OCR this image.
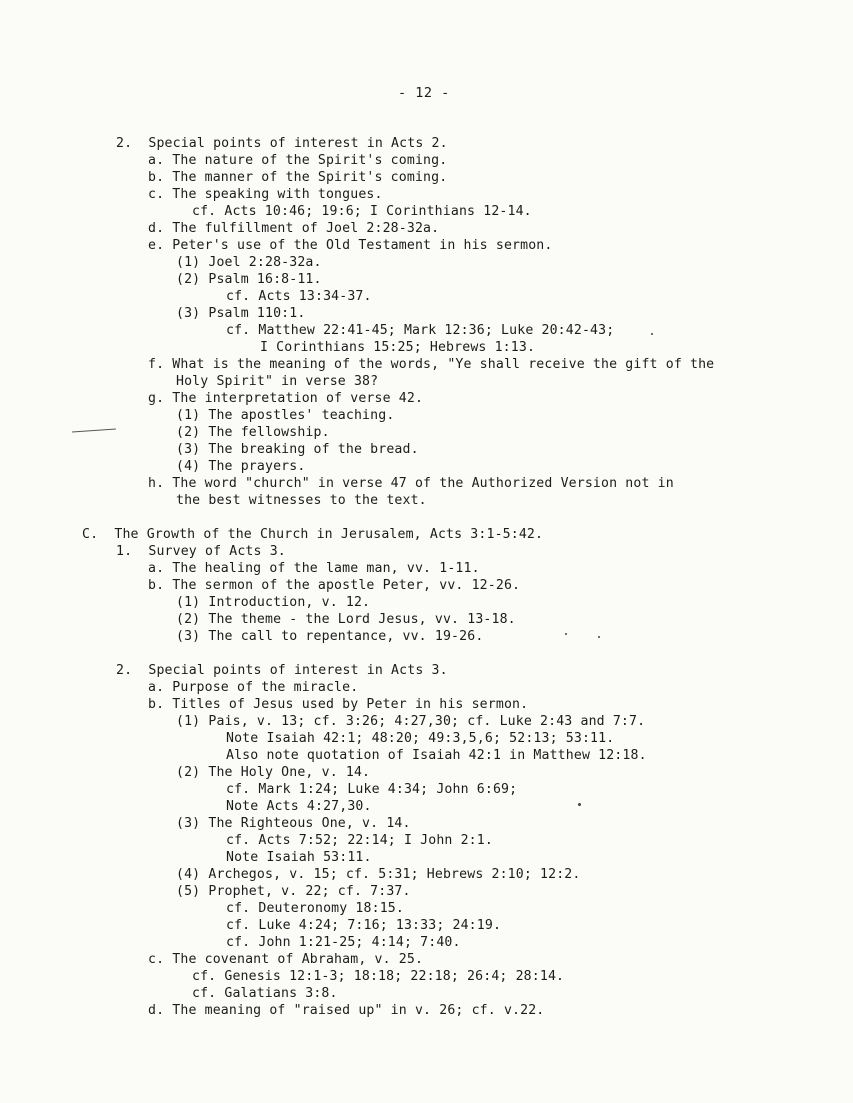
- 12 -
2.  Special points of interest in Acts 2.
a. The nature of the Spirit's coming.
b. The manner of the Spirit's coming.
c. The speaking with tongues.
cf. Acts 10:46; 19:6; I Corinthians 12-14.
d. The fulfillment of Joel 2:28-32a.
e. Peter's use of the Old Testament in his sermon.
(1) Joel 2:28-32a.
(2) Psalm 16:8-11.
cf. Acts 13:34-37.
(3) Psalm 110:1.
cf. Matthew 22:41-45; Mark 12:36; Luke 20:42-43;
I Corinthians 15:25; Hebrews 1:13.
f. What is the meaning of the words, "Ye shall receive the gift of the
Holy Spirit" in verse 38?
g. The interpretation of verse 42.
(1) The apostles' teaching.
(2) The fellowship.
(3) The breaking of the bread.
(4) The prayers.
h. The word "church" in verse 47 of the Authorized Version not in
the best witnesses to the text.
C.  The Growth of the Church in Jerusalem, Acts 3:1-5:42.
1.  Survey of Acts 3.
a. The healing of the lame man, vv. 1-11.
b. The sermon of the apostle Peter, vv. 12-26.
(1) Introduction, v. 12.
(2) The theme - the Lord Jesus, vv. 13-18.
(3) The call to repentance, vv. 19-26.
2.  Special points of interest in Acts 3.
a. Purpose of the miracle.
b. Titles of Jesus used by Peter in his sermon.
(1) Pais, v. 13; cf. 3:26; 4:27,30; cf. Luke 2:43 and 7:7.
Note Isaiah 42:1; 48:20; 49:3,5,6; 52:13; 53:11.
Also note quotation of Isaiah 42:1 in Matthew 12:18.
(2) The Holy One, v. 14.
cf. Mark 1:24; Luke 4:34; John 6:69;
Note Acts 4:27,30.
(3) The Righteous One, v. 14.
cf. Acts 7:52; 22:14; I John 2:1.
Note Isaiah 53:11.
(4) Archegos, v. 15; cf. 5:31; Hebrews 2:10; 12:2.
(5) Prophet, v. 22; cf. 7:37.
cf. Deuteronomy 18:15.
cf. Luke 4:24; 7:16; 13:33; 24:19.
cf. John 1:21-25; 4:14; 7:40.
c. The covenant of Abraham, v. 25.
cf. Genesis 12:1-3; 18:18; 22:18; 26:4; 28:14.
cf. Galatians 3:8.
d. The meaning of "raised up" in v. 26; cf. v.22.
